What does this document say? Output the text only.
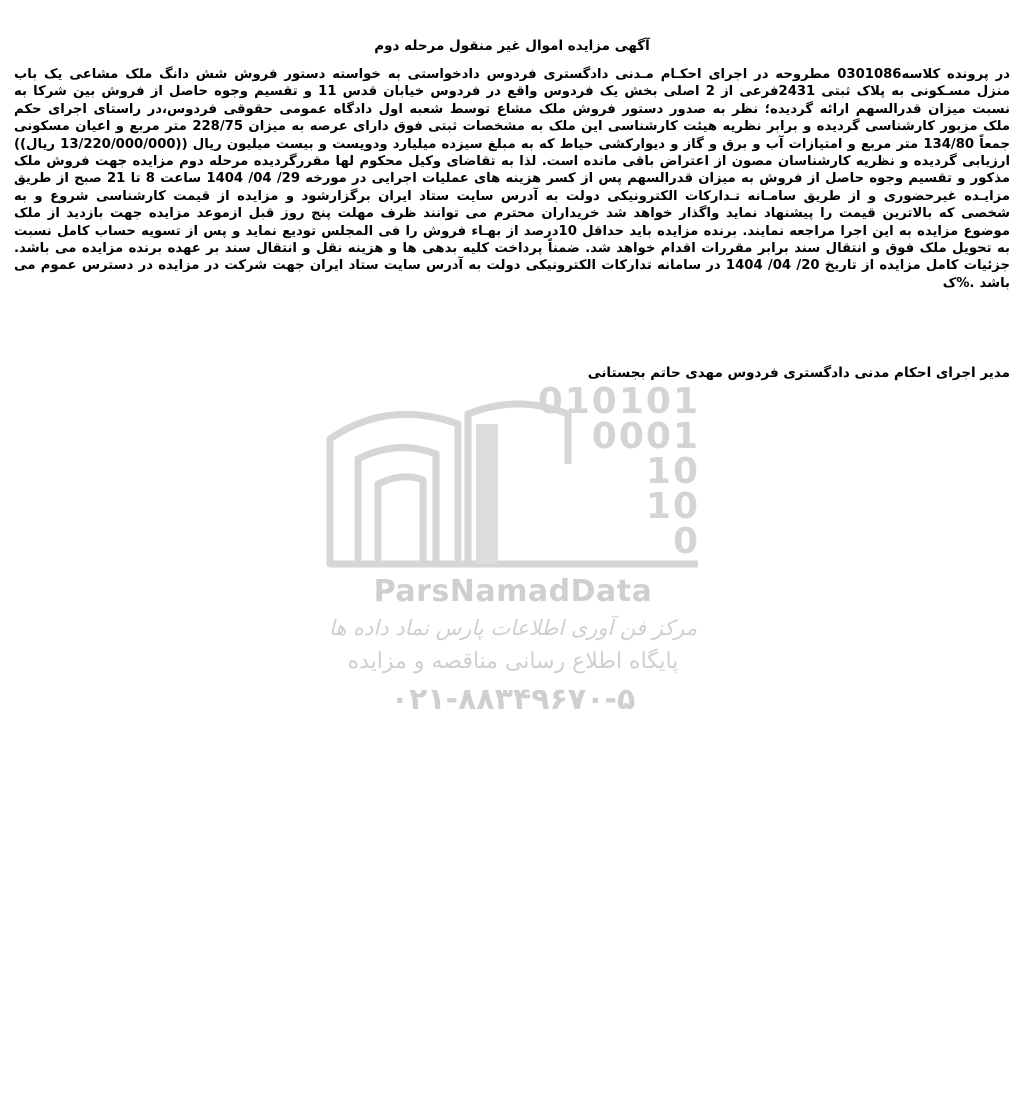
آگهی مزایده اموال غیر منقول مرحله دوم
در پرونده کلاسه0301086 مطروحه در اجرای احکـام مـدنی دادگستری فردوس دادخواستی به خواسته دستور فروش شش دانگ ملک مشاعی یک باب منزل مسـکونی به پلاک ثبتی 2431فرعی از 2 اصلی بخش یک فردوس واقع در فردوس خیابان قدس 11 و تقسیم وجوه حاصل از فروش بین شرکا به نسبت میزان قدرالسهم ارائه گردیده؛ نظر به صدور دستور فروش ملک مشاع توسط شعبه اول دادگاه عمومی حقوقی فردوس،در راستای اجرای حکم ملک مزبور کارشناسی گردیده و برابر نظریه هیئت کارشناسی این ملک به مشخصات ثبتی فوق دارای عرصه به میزان 228/75 متر مربع و اعیان مسکونی جمعاً 134/80 متر مربع و امتیازات آب و برق و گاز و دیوارکشی حیاط که به مبلغ سیزده میلیارد ودویست و بیست میلیون ریال ((13/220/000/000 ریال)) ارزیابی گردیده و نظریه کارشناسان مصون از اعتراض باقی مانده است. لذا به تقاضای وکیل محکوم لها مقررگردیده مرحله دوم مزایده جهت فروش ملک مذکور و تقسیم وجوه حاصل از فروش به میزان قدرالسهم پس از کسر هزینه های عملیات اجرایی در مورخه 29/ 04/ 1404 ساعت 8 تا 21 صبح از طریق مزایـده غیرحضوری و از طریق سامـانه تـدارکات الکترونیکی دولت به آدرس سایت ستاد ایران برگزارشود و مزایده از قیمت کارشناسی شروع و به شخصی که بالاترین قیمت را پیشنهاد نماید واگذار خواهد شد خریداران محترم می توانند ظرف مهلت پنج روز قبل ازموعد مزایده جهت بازدید از ملک موضوع مزایده به این اجرا مراجعه نمایند. برنده مزایده باید حداقل 10درصد از بهـاء فروش را فی المجلس تودیع نماید و پس از تسویه حساب کامل نسبت به تحویل ملک فوق و انتقال سند برابر مقررات اقدام خواهد شد. ضمناً پرداخت کلیه بدهی ها و هزینه نقل و انتقال سند بر عهده برنده مزایده می باشد. جزئیات کامل مزایده از تاریخ 20/ 04/ 1404 در سامانه تدارکات الکترونیکی دولت به آدرس سایت ستاد ایران جهت شرکت در مزایده در دسترس عموم می باشد .%ک
مدیر اجرای احکام مدنی دادگستری فردوس مهدی حاتم بجستانی
010101
0001
10
10
0
ParsNamadData
مرکز فن آوری اطلاعات پارس نماد داده ها
پایگاه اطلاع رسانی مناقصه و مزایده
۰۲۱-۸۸۳۴۹۶۷۰-۵
